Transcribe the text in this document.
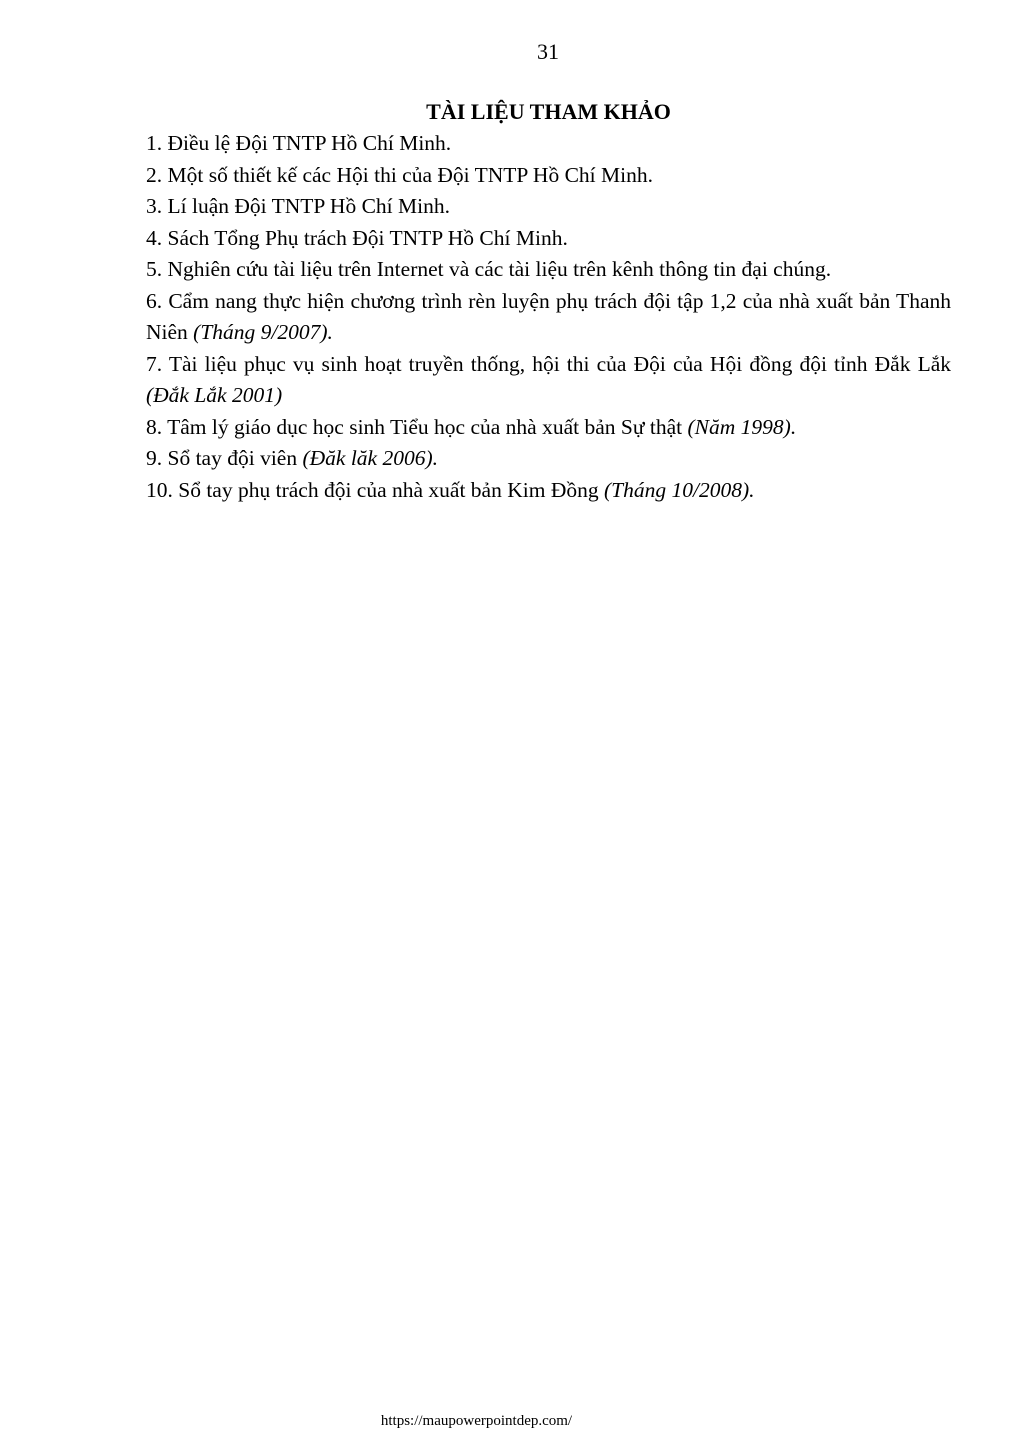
31
TÀI LIỆU THAM KHẢO
1. Điều lệ Đội TNTP Hồ Chí Minh.
2. Một số thiết kế các Hội thi của Đội TNTP Hồ Chí Minh.
3. Lí luận Đội TNTP Hồ Chí Minh.
4. Sách Tổng Phụ trách Đội TNTP Hồ Chí Minh.
5. Nghiên cứu tài liệu trên Internet và các tài liệu trên kênh thông tin đại chúng.
6. Cẩm nang thực hiện chương trình rèn luyện phụ trách đội tập 1,2 của nhà xuất bản Thanh Niên (Tháng 9/2007).
7. Tài liệu phục vụ sinh hoạt truyền thống, hội thi của Đội của Hội đồng đội tỉnh Đắk Lắk (Đắk Lắk 2001)
8. Tâm lý giáo dục học sinh Tiểu học của nhà xuất bản Sự thật (Năm 1998).
9. Sổ tay đội viên (Đăk lăk 2006).
10. Sổ tay phụ trách đội của nhà xuất bản Kim Đồng (Tháng 10/2008).
https://maupowerpointdep.com/
